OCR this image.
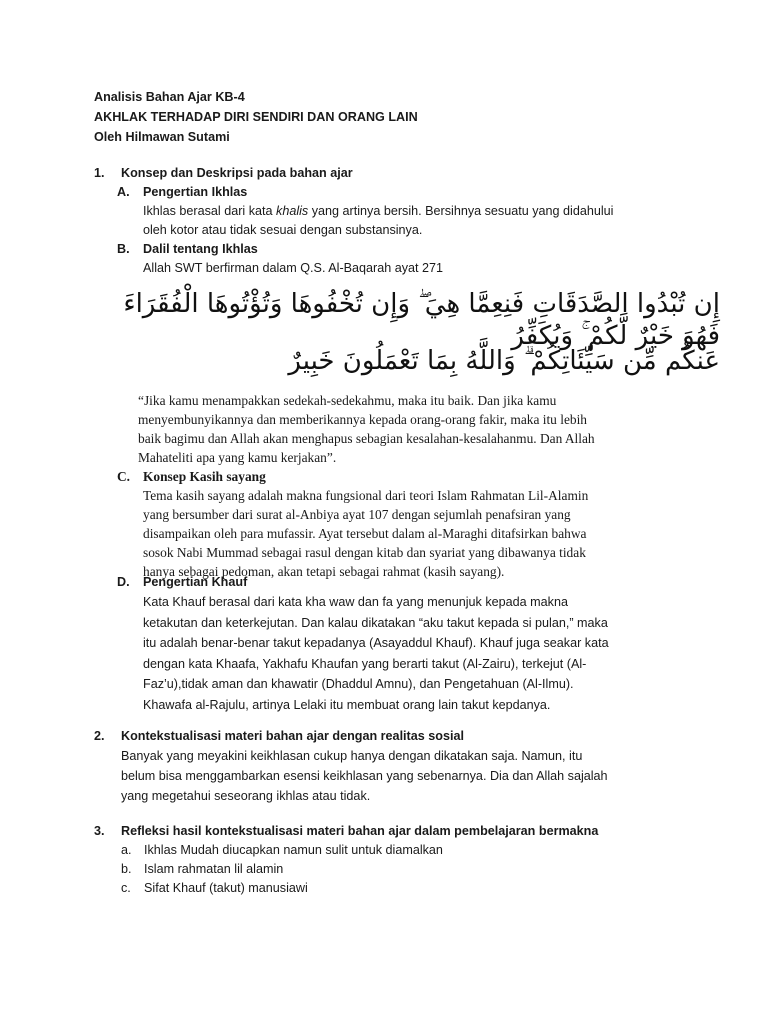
Analisis Bahan Ajar KB-4
AKHLAK TERHADAP DIRI SENDIRI DAN ORANG LAIN
Oleh Hilmawan Sutami
1. Konsep dan Deskripsi pada bahan ajar
A. Pengertian Ikhlas

Ikhlas berasal dari kata khalis yang artinya bersih. Bersihnya sesuatu yang didahului

oleh kotor atau tidak sesuai dengan substansinya.

B. Dalil tentang Ikhlas

Allah SWT berfirman dalam Q.S. Al-Baqarah ayat 271

إِن تُبْدُوا الصَّدَقَاتِ فَنِعِمَّا هِيَ ۖ وَإِن تُخْفُوهَا وَتُؤْتُوهَا الْفُقَرَاءَ فَهُوَ خَيْرٌ لَّكُمْ ۚ وَيُكَفِّرُ
عَنكُم مِّن سَيِّئَاتِكُمْ ۗ وَاللَّهُ بِمَا تَعْمَلُونَ خَبِيرٌ

“Jika kamu menampakkan sedekah-sedekahmu, maka itu baik. Dan jika kamu

menyembunyikannya dan memberikannya kepada orang-orang fakir, maka itu lebih

baik bagimu dan Allah akan menghapus sebagian kesalahan-kesalahanmu. Dan Allah

Mahateliti apa yang kamu kerjakan”.

C. Konsep Kasih sayang

Tema kasih sayang adalah makna fungsional dari teori Islam Rahmatan Lil-Alamin

yang bersumber dari surat al-Anbiya ayat 107 dengan sejumlah penafsiran yang

disampaikan oleh para mufassir. Ayat tersebut dalam al-Maraghi ditafsirkan bahwa

sosok Nabi Mummad sebagai rasul dengan kitab dan syariat yang dibawanya tidak

hanya sebagai pedoman, akan tetapi sebagai rahmat (kasih sayang).

D. Pengertian Khauf

Kata Khauf berasal dari kata kha waw dan fa yang menunjuk kepada makna

ketakutan dan keterkejutan. Dan kalau dikatakan “aku takut kepada si pulan,” maka

itu adalah benar-benar takut kepadanya (Asayaddul Khauf). Khauf juga seakar kata

dengan kata Khaafa, Yakhafu Khaufan yang berarti takut (Al-Zairu), terkejut (Al-

Faz’u),tidak aman dan khawatir (Dhaddul Amnu), dan Pengetahuan (Al-Ilmu).

Khawafa al-Rajulu, artinya Lelaki itu membuat orang lain takut kepdanya.

2. Kontekstualisasi materi bahan ajar dengan realitas sosial

Banyak yang meyakini keikhlasan cukup hanya dengan dikatakan saja. Namun, itu

belum bisa menggambarkan esensi keikhlasan yang sebenarnya. Dia dan Allah sajalah

yang megetahui seseorang ikhlas atau tidak.

3. Refleksi hasil kontekstualisasi materi bahan ajar dalam pembelajaran bermakna
a. Ikhlas Mudah diucapkan namun sulit untuk diamalkan
b. Islam rahmatan lil alamin
c. Sifat Khauf (takut) manusiawi
